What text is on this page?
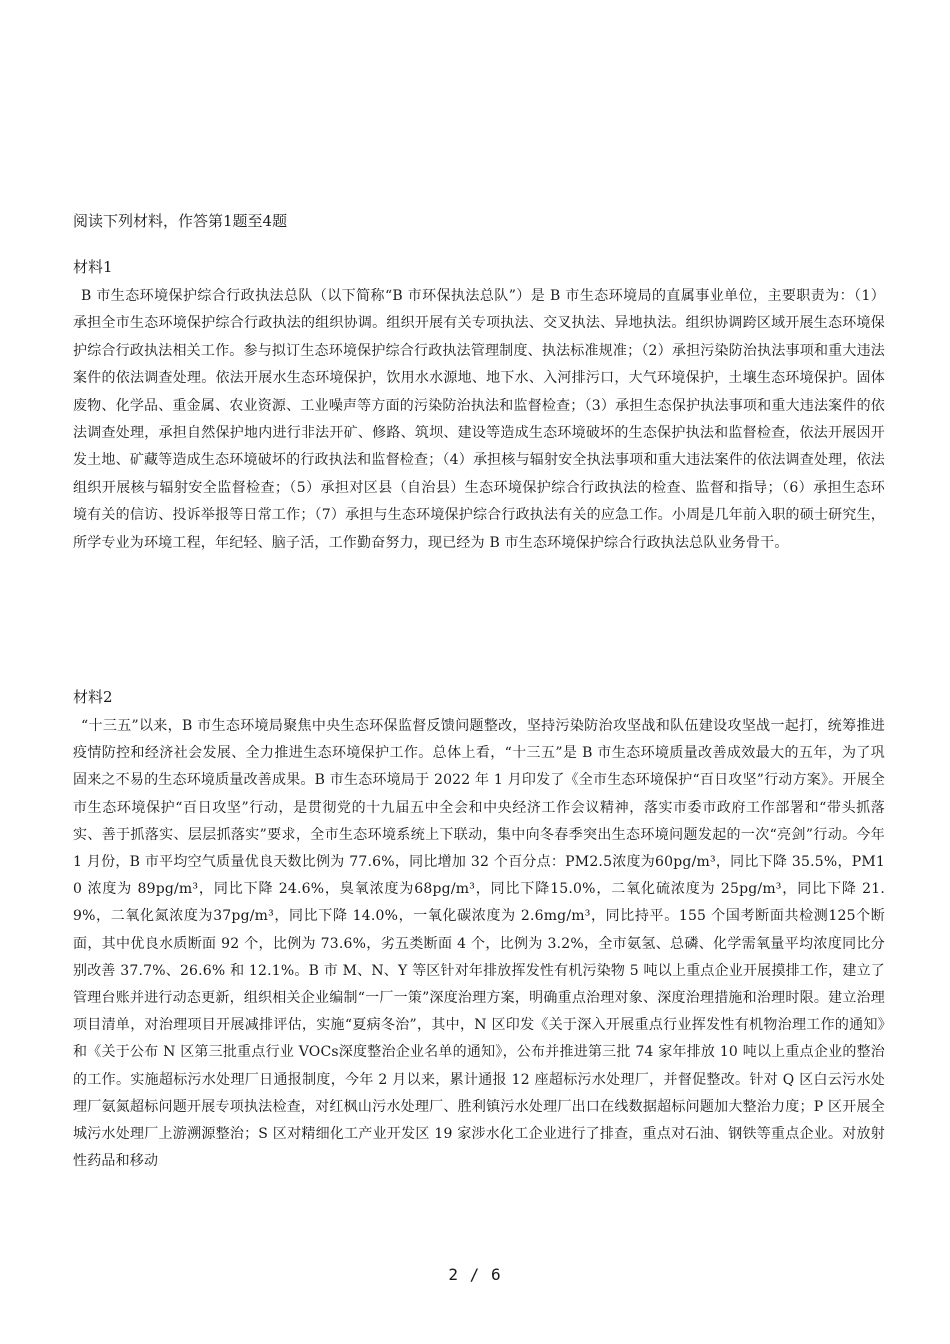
阅读下列材料，作答第1题至4题
材料1

B 市生态环境保护综合行政执法总队（以下简称“B 市环保执法总队”）是 B 市生态环境局的直属事业单位，主要职责为：（1）承担全市生态环境保护综合行政执法的组织协调。组织开展有关专项执法、交叉执法、异地执法。组织协调跨区域开展生态环境保护综合行政执法相关工作。参与拟订生态环境保护综合行政执法管理制度、执法标准规准；（2）承担污染防治执法事项和重大违法案件的依法调查处理。依法开展水生态环境保护，饮用水水源地、地下水、入河排污口，大气环境保护，土壤生态环境保护。固体废物、化学品、重金属、农业资源、工业噪声等方面的污染防治执法和监督检查；（3）承担生态保护执法事项和重大违法案件的依法调查处理，承担自然保护地内进行非法开矿、修路、筑坝、建设等造成生态环境破坏的生态保护执法和监督检查，依法开展因开发土地、矿藏等造成生态环境破坏的行政执法和监督检查；（4）承担核与辐射安全执法事项和重大违法案件的依法调查处理，依法组织开展核与辐射安全监督检查；（5）承担对区县（自治县）生态环境保护综合行政执法的检查、监督和指导；（6）承担生态环境有关的信访、投诉举报等日常工作；（7）承担与生态环境保护综合行政执法有关的应急工作。小周是几年前入职的硕士研究生，所学专业为环境工程，年纪轻、脑子活，工作勤奋努力，现已经为 B 市生态环境保护综合行政执法总队业务骨干。

材料2

“十三五”以来，B 市生态环境局聚焦中央生态环保监督反馈问题整改，坚持污染防治攻坚战和队伍建设攻坚战一起打，统筹推进疫情防控和经济社会发展、全力推进生态环境保护工作。总体上看，“十三五”是 B 市生态环境质量改善成效最大的五年，为了巩固来之不易的生态环境质量改善成果。B 市生态环境局于 2022 年 1 月印发了《全市生态环境保护“百日攻坚”行动方案》。开展全市生态环境保护“百日攻坚”行动，是贯彻党的十九届五中全会和中央经济工作会议精神，落实市委市政府工作部署和“带头抓落实、善于抓落实、层层抓落实”要求，全市生态环境系统上下联动，集中向冬春季突出生态环境问题发起的一次“亮剑”行动。今年 1 月份，B 市平均空气质量优良天数比例为 77.6%，同比增加 32 个百分点：PM2.5浓度为60pg/m³，同比下降 35.5%，PM10 浓度为 89pg/m³，同比下降 24.6%，臭氧浓度为68pg/m³，同比下降15.0%，二氧化硫浓度为 25pg/m³，同比下降 21.9%，二氧化氮浓度为37pg/m³，同比下降 14.0%，一氧化碳浓度为 2.6mg/m³，同比持平。155 个国考断面共检测125个断面，其中优良水质断面 92 个，比例为 73.6%，劣五类断面 4 个，比例为 3.2%，全市氨氢、总磷、化学需氧量平均浓度同比分别改善 37.7%、26.6% 和 12.1%。B 市 M、N、Y 等区针对年排放挥发性有机污染物 5 吨以上重点企业开展摸排工作，建立了管理台账并进行动态更新，组织相关企业编制“一厂一策”深度治理方案，明确重点治理对象、深度治理措施和治理时限。建立治理项目清单，对治理项目开展减排评估，实施“夏病冬治”，其中，N 区印发《关于深入开展重点行业挥发性有机物治理工作的通知》和《关于公布 N 区第三批重点行业 VOCs深度整治企业名单的通知》，公布并推进第三批 74 家年排放 10 吨以上重点企业的整治的工作。实施超标污水处理厂日通报制度，今年 2 月以来，累计通报 12 座超标污水处理厂，并督促整改。针对 Q 区白云污水处理厂氨氮超标问题开展专项执法检查，对红枫山污水处理厂、胜利镇污水处理厂出口在线数据超标问题加大整治力度；P 区开展全城污水处理厂上游溯源整治；S 区对精细化工产业开发区 19 家涉水化工企业进行了排查，重点对石油、钢铁等重点企业。对放射性药品和移动

2 / 6
